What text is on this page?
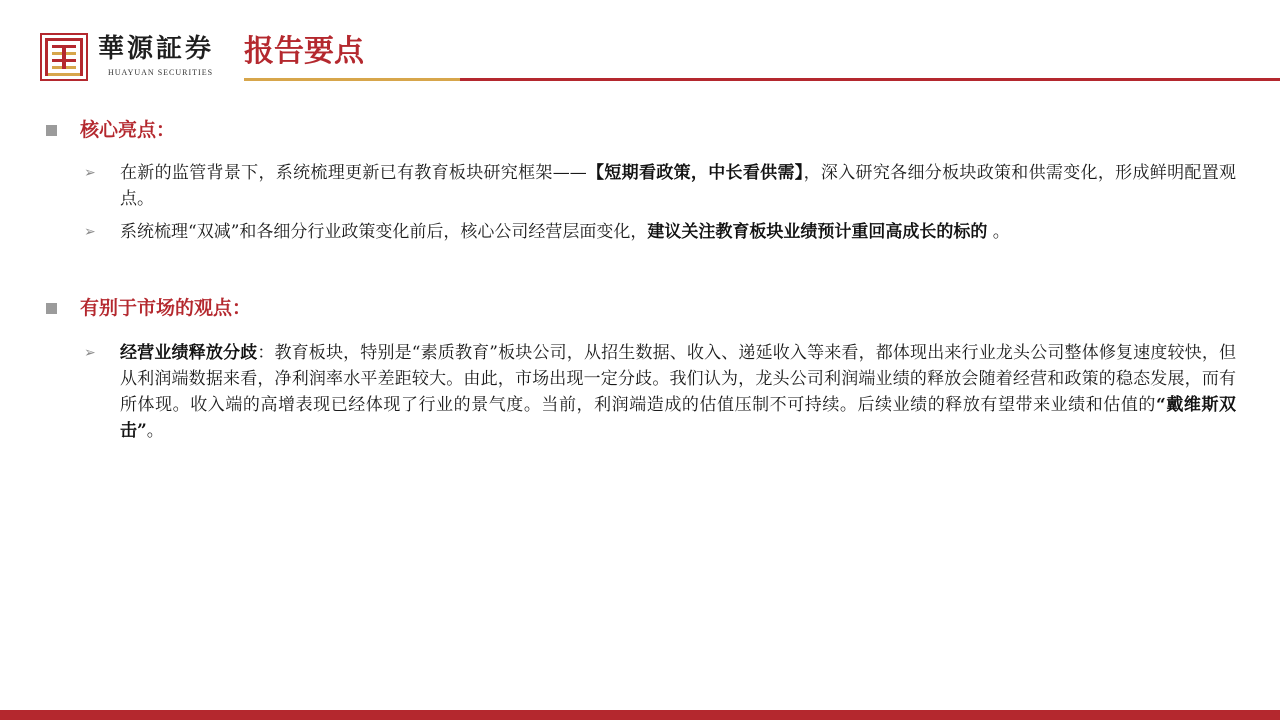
華源証券
HUAYUAN SECURITIES
报告要点
核心亮点：
➢ 在新的监管背景下，系统梳理更新已有教育板块研究框架——【短期看政策，中长看供需】，深入研究各细分板块政策和供需变化，形成鲜明配置观点。
➢ 系统梳理“双减”和各细分行业政策变化前后，核心公司经营层面变化，建议关注教育板块业绩预计重回高成长的标的 。
有别于市场的观点：
➢ 经营业绩释放分歧：教育板块，特别是“素质教育”板块公司，从招生数据、收入、递延收入等来看，都体现出来行业龙头公司整体修复速度较快，但从利润端数据来看，净利润率水平差距较大。由此，市场出现一定分歧。我们认为，龙头公司利润端业绩的释放会随着经营和政策的稳态发展，而有所体现。收入端的高增表现已经体现了行业的景气度。当前，利润端造成的估值压制不可持续。后续业绩的释放有望带来业绩和估值的“戴维斯双击”。
